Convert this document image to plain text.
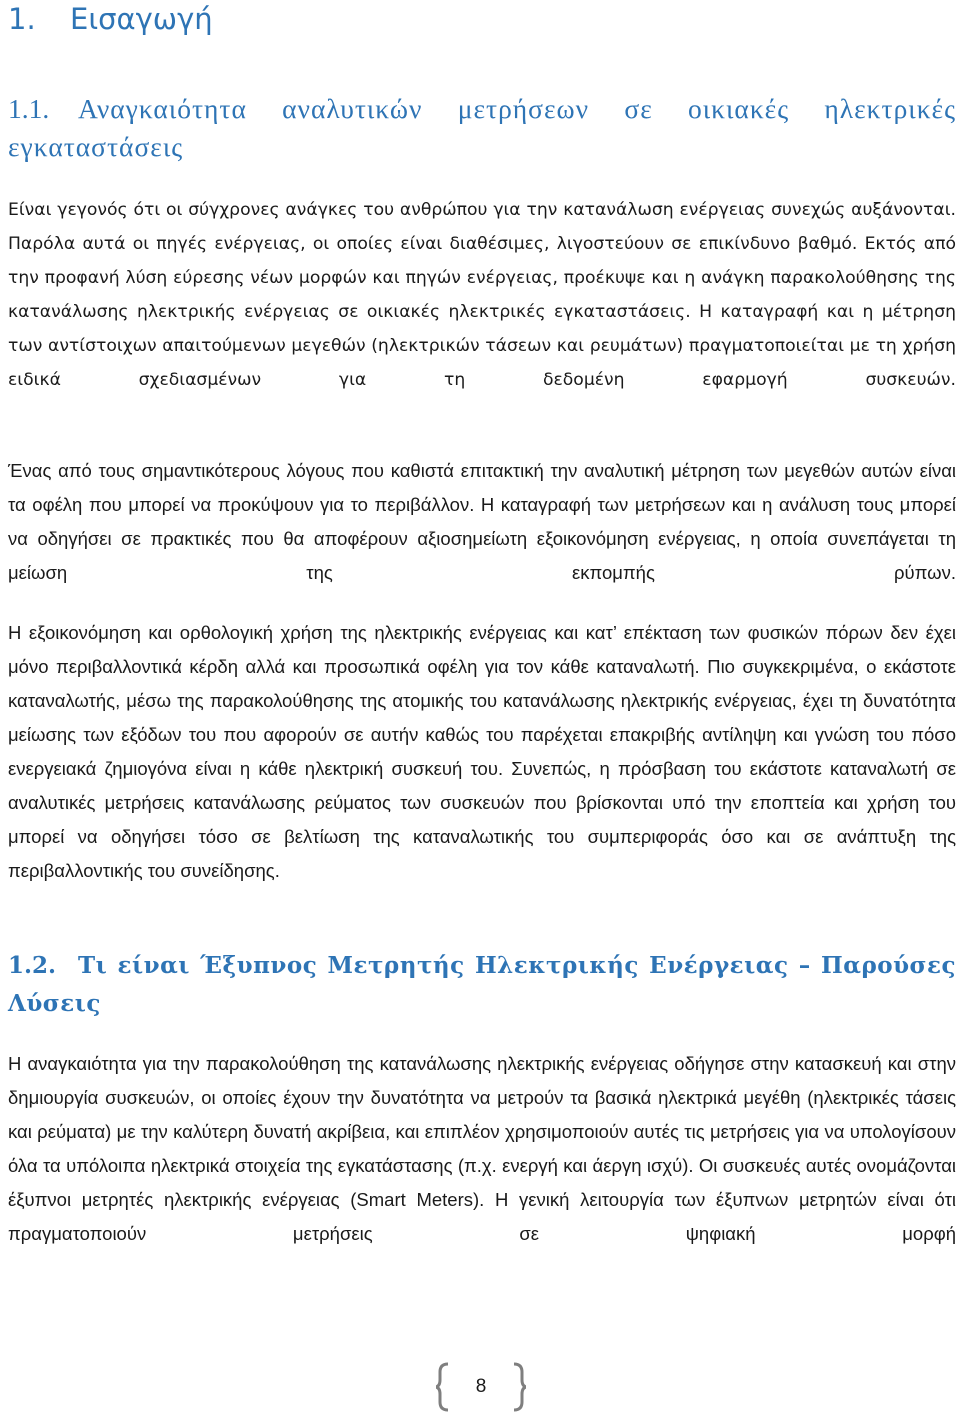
1. Εισαγωγή
1.1. Αναγκαιότητα αναλυτικών μετρήσεων σε οικιακές ηλεκτρικές εγκαταστάσεις

Είναι γεγονός ότι οι σύγχρονες ανάγκες του ανθρώπου για την κατανάλωση ενέργειας συνεχώς αυξάνονται. Παρόλα αυτά οι πηγές ενέργειας, οι οποίες είναι διαθέσιμες, λιγοστεύουν σε επικίνδυνο βαθμό. Εκτός από την προφανή λύση εύρεσης νέων μορφών και πηγών ενέργειας, προέκυψε και η ανάγκη παρακολούθησης της κατανάλωσης ηλεκτρικής ενέργειας σε οικιακές ηλεκτρικές εγκαταστάσεις. Η καταγραφή και η μέτρηση των αντίστοιχων απαιτούμενων μεγεθών (ηλεκτρικών τάσεων και ρευμάτων) πραγματοποιείται με τη χρήση ειδικά σχεδιασμένων για τη δεδομένη εφαρμογή συσκευών.

Ένας από τους σημαντικότερους λόγους που καθιστά επιτακτική την αναλυτική μέτρηση των μεγεθών αυτών είναι τα οφέλη που μπορεί να προκύψουν για το περιβάλλον. Η καταγραφή των μετρήσεων και η ανάλυση τους μπορεί να οδηγήσει σε πρακτικές που θα αποφέρουν αξιοσημείωτη εξοικονόμηση ενέργειας, η οποία συνεπάγεται τη μείωση της εκπομπής ρύπων.

Η εξοικονόμηση και ορθολογική χρήση της ηλεκτρικής ενέργειας και κατ’ επέκταση των φυσικών πόρων δεν έχει μόνο περιβαλλοντικά κέρδη αλλά και προσωπικά οφέλη για τον κάθε καταναλωτή. Πιο συγκεκριμένα, ο εκάστοτε καταναλωτής, μέσω της παρακολούθησης της ατομικής του κατανάλωσης ηλεκτρικής ενέργειας, έχει τη δυνατότητα μείωσης των εξόδων του που αφορούν σε αυτήν καθώς του παρέχεται επακριβής αντίληψη και γνώση του πόσο ενεργειακά ζημιογόνα είναι η κάθε ηλεκτρική συσκευή του. Συνεπώς, η πρόσβαση του εκάστοτε καταναλωτή σε αναλυτικές μετρήσεις κατανάλωσης ρεύματος των συσκευών που βρίσκονται υπό την εποπτεία και χρήση του μπορεί να οδηγήσει τόσο σε βελτίωση της καταναλωτικής του συμπεριφοράς όσο και σε ανάπτυξη της περιβαλλοντικής του συνείδησης.

1.2. Τι είναι Έξυπνος Μετρητής Ηλεκτρικής Ενέργειας – Παρούσες Λύσεις

Η αναγκαιότητα για την παρακολούθηση της κατανάλωσης ηλεκτρικής ενέργειας οδήγησε στην κατασκευή και στην δημιουργία συσκευών, οι οποίες έχουν την δυνατότητα να μετρούν τα βασικά ηλεκτρικά μεγέθη (ηλεκτρικές τάσεις και ρεύματα) με την καλύτερη δυνατή ακρίβεια, και επιπλέον χρησιμοποιούν αυτές τις μετρήσεις για να υπολογίσουν όλα τα υπόλοιπα ηλεκτρικά στοιχεία της εγκατάστασης (π.χ. ενεργή και άεργη ισχύ). Οι συσκευές αυτές ονομάζονται έξυπνοι μετρητές ηλεκτρικής ενέργειας (Smart Meters). Η γενική λειτουργία των έξυπνων μετρητών είναι ότι πραγματοποιούν μετρήσεις σε ψηφιακή μορφή

8
